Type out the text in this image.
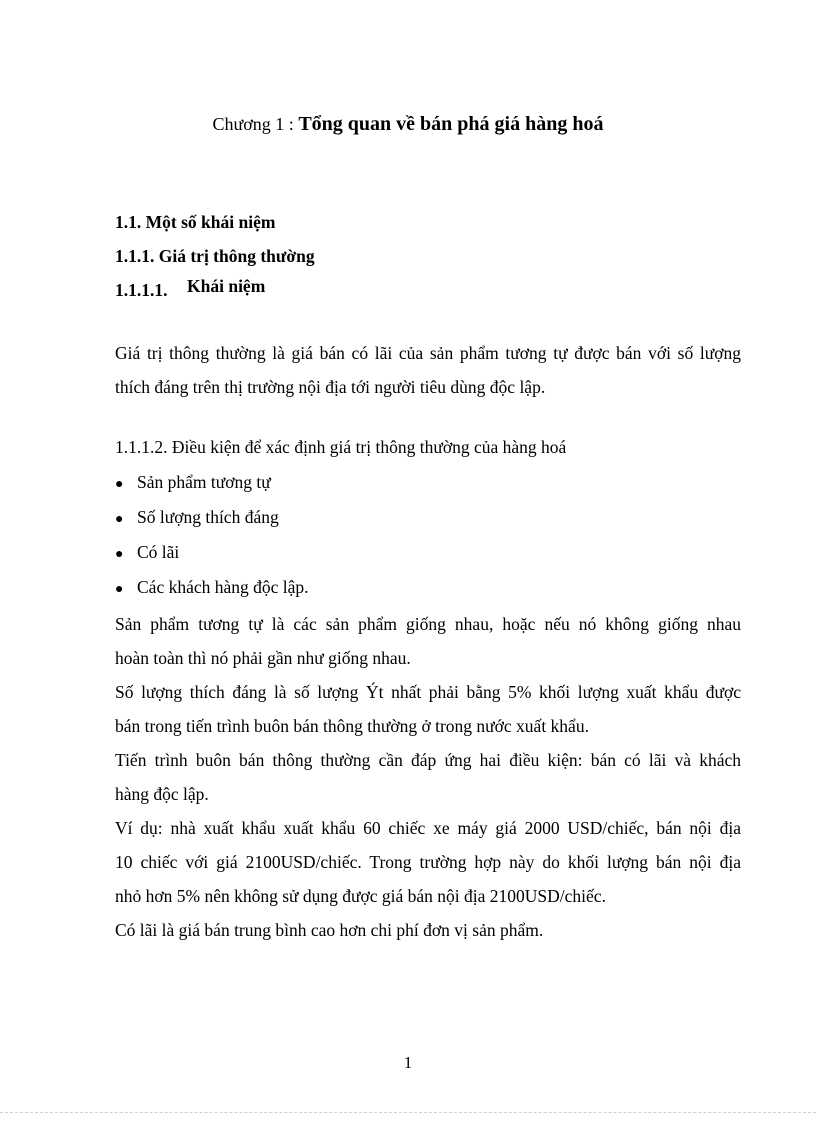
Chương 1 : Tổng quan về bán phá giá hàng hoá
1.1. Một số khái niệm
1.1.1. Giá trị thông thường
1.1.1.1. Khái niệm
Giá trị thông thường là giá bán có lãi của sản phẩm tương tự được bán với số lượng
thích đáng trên thị trường nội địa tới người tiêu dùng độc lập.
1.1.1.2. Điều kiện để xác định giá trị thông thường của hàng hoá
● Sản phẩm tương tự
● Số lượng thích đáng
● Có lãi
● Các khách hàng độc lập.
Sản phẩm tương tự là các sản phẩm giống nhau, hoặc nếu nó không giống nhau
hoàn toàn thì nó phải gần như giống nhau.
Số lượng thích đáng là số lượng Ýt nhất phải bằng 5% khối lượng xuất khẩu được
bán trong tiến trình buôn bán thông thường ở trong nước xuất khẩu.
Tiến trình buôn bán thông thường cần đáp ứng hai điều kiện: bán có lãi và khách
hàng độc lập.
Ví dụ: nhà xuất khẩu xuất khẩu 60 chiếc xe máy giá 2000 USD/chiếc, bán nội địa
10 chiếc với giá 2100USD/chiếc. Trong trường hợp này do khối lượng bán nội địa
nhỏ hơn 5% nên không sử dụng được giá bán nội địa 2100USD/chiếc.
Có lãi là giá bán trung bình cao hơn chi phí đơn vị sản phẩm.
1
